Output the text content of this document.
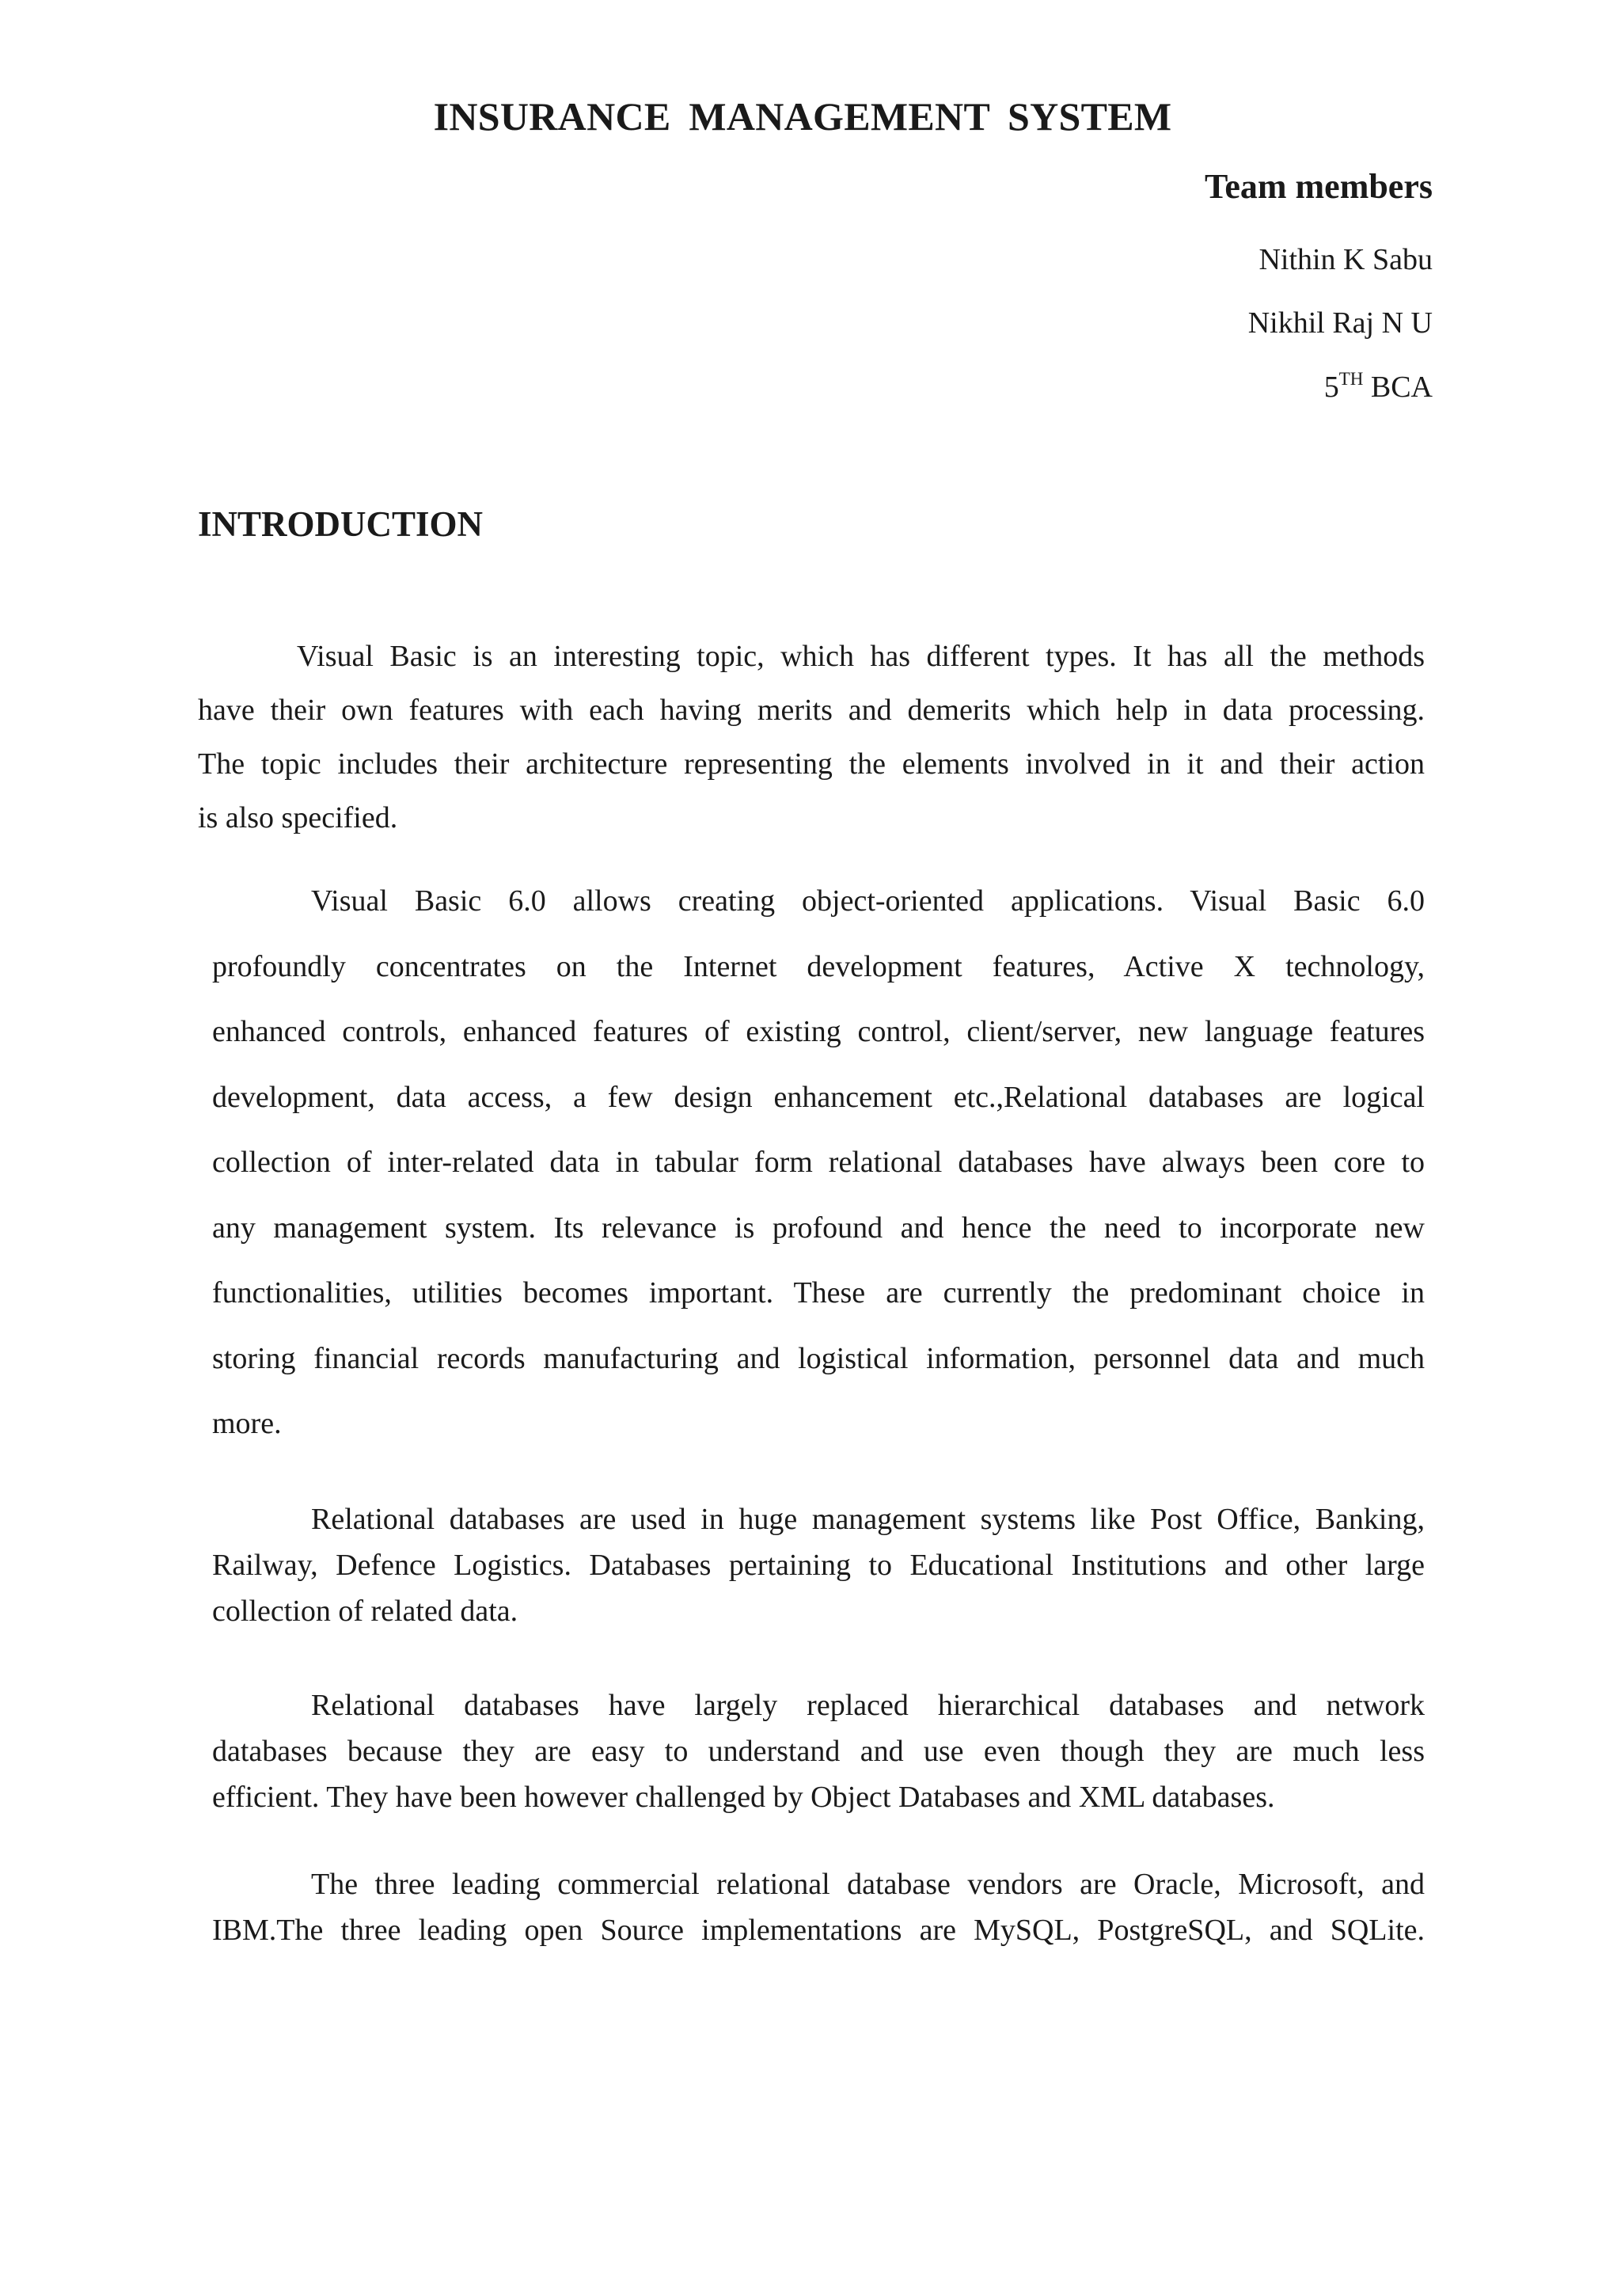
INSURANCE MANAGEMENT SYSTEM
Team members
Nithin K Sabu
Nikhil Raj N U
5TH BCA
INTRODUCTION
Visual Basic is an interesting topic, which has different types. It has all the methods
have their own features with each having merits and demerits which help in data processing.
The topic includes their architecture representing the elements involved in it and their action
is also specified.
Visual Basic 6.0 allows creating object-oriented applications. Visual Basic 6.0
profoundly concentrates on the Internet development features, Active X technology,
enhanced controls, enhanced features of existing control, client/server, new language features
development, data access, a few design enhancement etc.,Relational databases are logical
collection of inter-related data in tabular form relational databases have always been core to
any management system. Its relevance is profound and hence the need to incorporate new
functionalities, utilities becomes important. These are currently the predominant choice in
storing financial records manufacturing and logistical information, personnel data and much
more.
Relational databases are used in huge management systems like Post Office, Banking,
Railway, Defence Logistics. Databases pertaining to Educational Institutions and other large
collection of related data.
Relational databases have largely replaced hierarchical databases and network
databases because they are easy to understand and use even though they are much less
efficient. They have been however challenged by Object Databases and XML databases.
The three leading commercial relational database vendors are Oracle, Microsoft, and
IBM.The three leading open Source implementations are MySQL, PostgreSQL, and SQLite.
